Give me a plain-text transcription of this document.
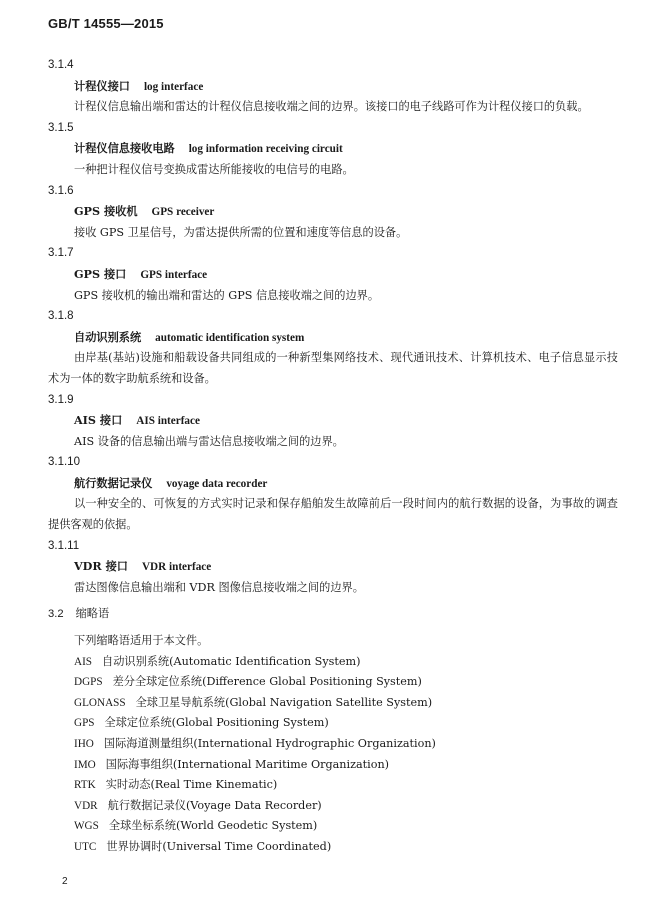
GB/T 14555—2015
3.1.4
计程仪接口 log interface
计程仪信息输出端和雷达的计程仪信息接收端之间的边界。该接口的电子线路可作为计程仪接口的负载。
3.1.5
计程仪信息接收电路 log information receiving circuit
一种把计程仪信号变换成雷达所能接收的电信号的电路。
3.1.6
GPS 接收机 GPS receiver
接收 GPS 卫星信号，为雷达提供所需的位置和速度等信息的设备。
3.1.7
GPS 接口 GPS interface
GPS 接收机的输出端和雷达的 GPS 信息接收端之间的边界。
3.1.8
自动识别系统 automatic identification system
由岸基(基站)设施和船载设备共同组成的一种新型集网络技术、现代通讯技术、计算机技术、电子信息显示技术为一体的数字助航系统和设备。
3.1.9
AIS 接口 AIS interface
AIS 设备的信息输出端与雷达信息接收端之间的边界。
3.1.10
航行数据记录仪 voyage data recorder
以一种安全的、可恢复的方式实时记录和保存船舶发生故障前后一段时间内的航行数据的设备，为事故的调查提供客观的依据。
3.1.11
VDR 接口 VDR interface
雷达图像信息输出端和 VDR 图像信息接收端之间的边界。
3.2 缩略语
下列缩略语适用于本文件。
AIS 自动识别系统(Automatic Identification System)
DGPS 差分全球定位系统(Difference Global Positioning System)
GLONASS 全球卫星导航系统(Global Navigation Satellite System)
GPS 全球定位系统(Global Positioning System)
IHO 国际海道测量组织(International Hydrographic Organization)
IMO 国际海事组织(International Maritime Organization)
RTK 实时动态(Real Time Kinematic)
VDR 航行数据记录仪(Voyage Data Recorder)
WGS 全球坐标系统(World Geodetic System)
UTC 世界协调时(Universal Time Coordinated)
2
